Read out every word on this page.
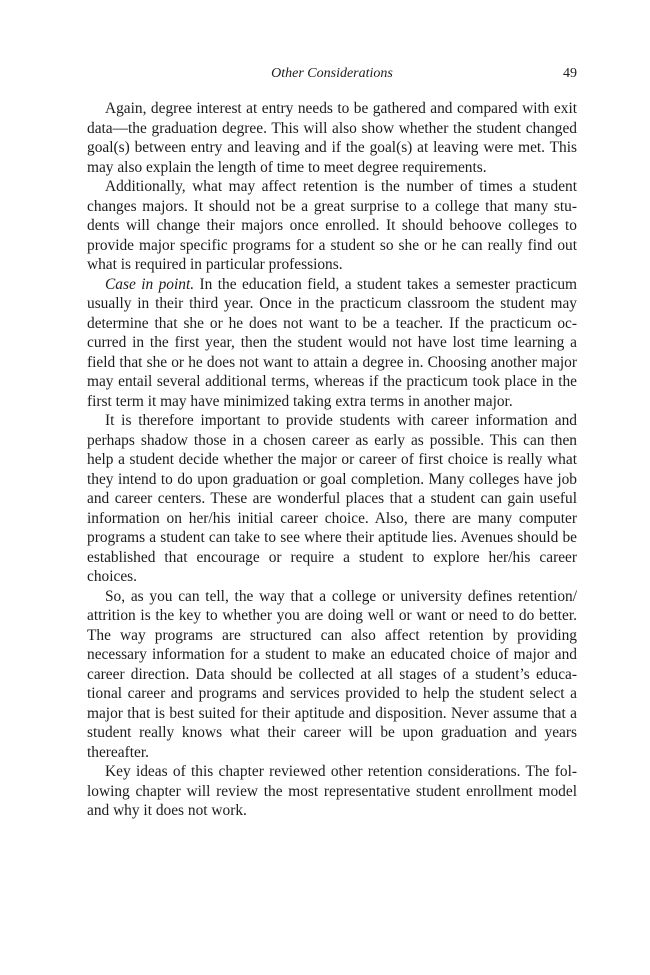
Other Considerations	49

Again, degree interest at entry needs to be gathered and compared with exit data—the graduation degree. This will also show whether the student changed goal(s) between entry and leaving and if the goal(s) at leaving were met. This may also explain the length of time to meet degree requirements.

Additionally, what may affect retention is the number of times a student changes majors. It should not be a great surprise to a college that many students will change their majors once enrolled. It should behoove colleges to provide major specific programs for a student so she or he can really find out what is required in particular professions.

Case in point. In the education field, a student takes a semester practicum usually in their third year. Once in the practicum classroom the student may determine that she or he does not want to be a teacher. If the practicum occurred in the first year, then the student would not have lost time learning a field that she or he does not want to attain a degree in. Choosing another major may entail several additional terms, whereas if the practicum took place in the first term it may have minimized taking extra terms in another major.

It is therefore important to provide students with career information and perhaps shadow those in a chosen career as early as possible. This can then help a student decide whether the major or career of first choice is really what they intend to do upon graduation or goal completion. Many colleges have job and career centers. These are wonderful places that a student can gain useful information on her/his initial career choice. Also, there are many computer programs a student can take to see where their aptitude lies. Avenues should be established that encourage or require a student to explore her/his career choices.

So, as you can tell, the way that a college or university defines retention/ attrition is the key to whether you are doing well or want or need to do better. The way programs are structured can also affect retention by providing necessary information for a student to make an educated choice of major and career direction. Data should be collected at all stages of a student’s educational career and programs and services provided to help the student select a major that is best suited for their aptitude and disposition. Never assume that a student really knows what their career will be upon graduation and years thereafter.

Key ideas of this chapter reviewed other retention considerations. The following chapter will review the most representative student enrollment model and why it does not work.
